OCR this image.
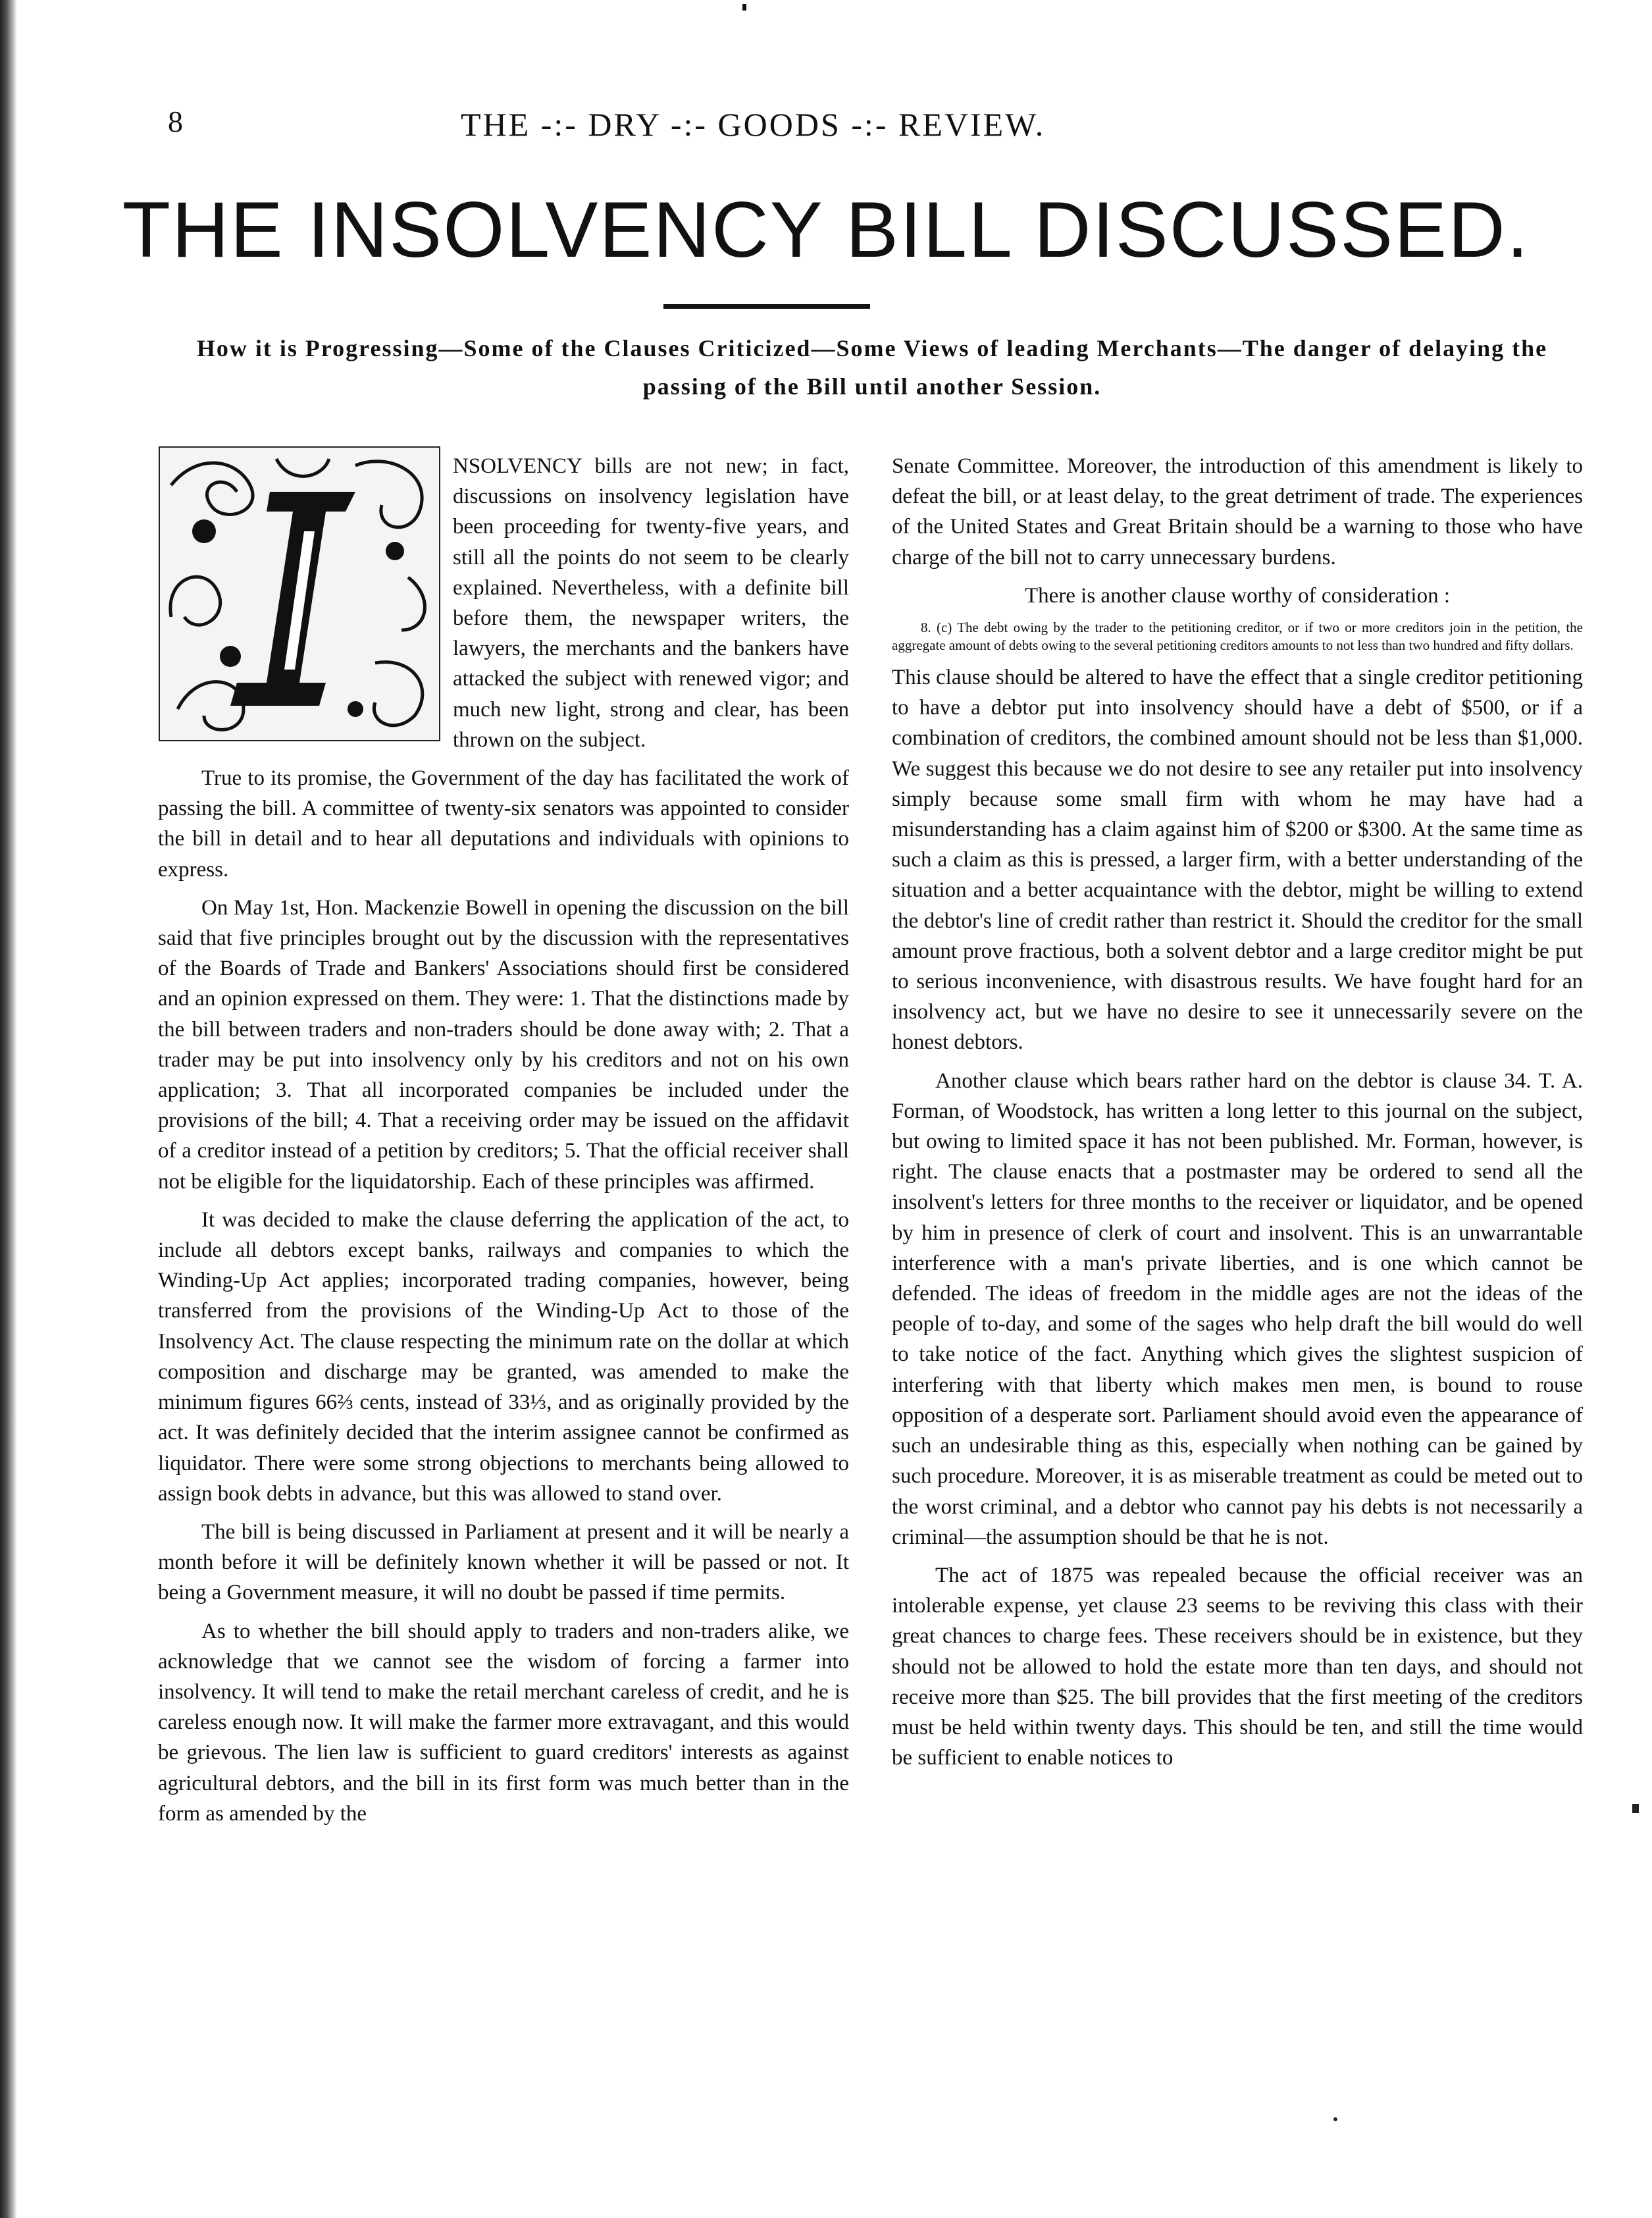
8	THE -:- DRY -:- GOODS -:- REVIEW.
THE INSOLVENCY BILL DISCUSSED.

How it is Progressing—Some of the Clauses Criticized—Some Views of leading Merchants—The danger of delaying the passing of the Bill until another Session.

NSOLVENCY bills are not new; in fact, discussions on insolvency legislation have been proceeding for twenty-five years, and still all the points do not seem to be clearly explained. Nevertheless, with a definite bill before them, the newspaper writers, the lawyers, the merchants and the bankers have attacked the subject with renewed vigor; and much new light, strong and clear, has been thrown on the subject.

True to its promise, the Government of the day has facilitated the work of passing the bill. A committee of twenty-six senators was appointed to consider the bill in detail and to hear all deputations and individuals with opinions to express.

On May 1st, Hon. Mackenzie Bowell in opening the discussion on the bill said that five principles brought out by the discussion with the representatives of the Boards of Trade and Bankers' Associations should first be considered and an opinion expressed on them. They were: 1. That the distinctions made by the bill between traders and non-traders should be done away with; 2. That a trader may be put into insolvency only by his creditors and not on his own application; 3. That all incorporated companies be included under the provisions of the bill; 4. That a receiving order may be issued on the affidavit of a creditor instead of a petition by creditors; 5. That the official receiver shall not be eligible for the liquidatorship. Each of these principles was affirmed.

It was decided to make the clause deferring the application of the act, to include all debtors except banks, railways and companies to which the Winding-Up Act applies; incorporated trading companies, however, being transferred from the provisions of the Winding-Up Act to those of the Insolvency Act. The clause respecting the minimum rate on the dollar at which composition and discharge may be granted, was amended to make the minimum figures 66⅔ cents, instead of 33⅓, and as originally provided by the act. It was definitely decided that the interim assignee cannot be confirmed as liquidator. There were some strong objections to merchants being allowed to assign book debts in advance, but this was allowed to stand over.

The bill is being discussed in Parliament at present and it will be nearly a month before it will be definitely known whether it will be passed or not. It being a Government measure, it will no doubt be passed if time permits.

As to whether the bill should apply to traders and non-traders alike, we acknowledge that we cannot see the wisdom of forcing a farmer into insolvency. It will tend to make the retail merchant careless of credit, and he is careless enough now. It will make the farmer more extravagant, and this would be grievous. The lien law is sufficient to guard creditors' interests as against agricultural debtors, and the bill in its first form was much better than in the form as amended by the

Senate Committee. Moreover, the introduction of this amendment is likely to defeat the bill, or at least delay, to the great detriment of trade. The experiences of the United States and Great Britain should be a warning to those who have charge of the bill not to carry unnecessary burdens.

There is another clause worthy of consideration :

8. (c) The debt owing by the trader to the petitioning creditor, or if two or more creditors join in the petition, the aggregate amount of debts owing to the several petitioning creditors amounts to not less than two hundred and fifty dollars.

This clause should be altered to have the effect that a single creditor petitioning to have a debtor put into insolvency should have a debt of $500, or if a combination of creditors, the combined amount should not be less than $1,000. We suggest this because we do not desire to see any retailer put into insolvency simply because some small firm with whom he may have had a misunderstanding has a claim against him of $200 or $300. At the same time as such a claim as this is pressed, a larger firm, with a better understanding of the situation and a better acquaintance with the debtor, might be willing to extend the debtor's line of credit rather than restrict it. Should the creditor for the small amount prove fractious, both a solvent debtor and a large creditor might be put to serious inconvenience, with disastrous results. We have fought hard for an insolvency act, but we have no desire to see it unnecessarily severe on the honest debtors.

Another clause which bears rather hard on the debtor is clause 34. T. A. Forman, of Woodstock, has written a long letter to this journal on the subject, but owing to limited space it has not been published. Mr. Forman, however, is right. The clause enacts that a postmaster may be ordered to send all the insolvent's letters for three months to the receiver or liquidator, and be opened by him in presence of clerk of court and insolvent. This is an unwarrantable interference with a man's private liberties, and is one which cannot be defended. The ideas of freedom in the middle ages are not the ideas of the people of to-day, and some of the sages who help draft the bill would do well to take notice of the fact. Anything which gives the slightest suspicion of interfering with that liberty which makes men men, is bound to rouse opposition of a desperate sort. Parliament should avoid even the appearance of such an undesirable thing as this, especially when nothing can be gained by such procedure. Moreover, it is as miserable treatment as could be meted out to the worst criminal, and a debtor who cannot pay his debts is not necessarily a criminal—the assumption should be that he is not.

The act of 1875 was repealed because the official receiver was an intolerable expense, yet clause 23 seems to be reviving this class with their great chances to charge fees. These receivers should be in existence, but they should not be allowed to hold the estate more than ten days, and should not receive more than $25. The bill provides that the first meeting of the creditors must be held within twenty days. This should be ten, and still the time would be sufficient to enable notices to
